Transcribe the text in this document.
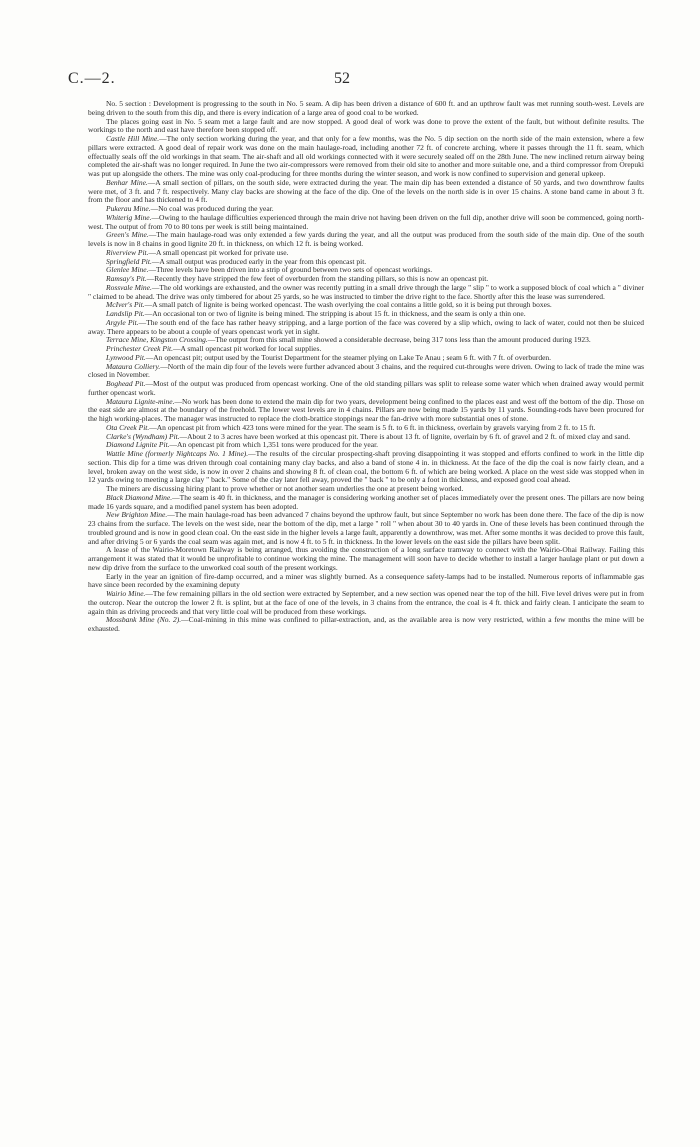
C.—2.	52

No. 5 section : Development is progressing to the south in No. 5 seam. A dip has been driven a distance of 600 ft. and an upthrow fault was met running south-west. Levels are being driven to the south from this dip, and there is every indication of a large area of good coal to be worked.

The places going east in No. 5 seam met a large fault and are now stopped. A good deal of work was done to prove the extent of the fault, but without definite results. The workings to the north and east have therefore been stopped off.

Castle Hill Mine.—The only section working during the year, and that only for a few months, was the No. 5 dip section on the north side of the main extension, where a few pillars were extracted. A good deal of repair work was done on the main haulage-road, including another 72 ft. of concrete arching, where it passes through the 11 ft. seam, which effectually seals off the old workings in that seam. The air-shaft and all old workings connected with it were securely sealed off on the 28th June. The new inclined return airway being completed the air-shaft was no longer required. In June the two air-compressors were removed from their old site to another and more suitable one, and a third compressor from Orepuki was put up alongside the others. The mine was only coal-producing for three months during the winter season, and work is now confined to supervision and general upkeep.

Benhar Mine.—A small section of pillars, on the south side, were extracted during the year. The main dip has been extended a distance of 50 yards, and two downthrow faults were met, of 3 ft. and 7 ft. respectively. Many clay backs are showing at the face of the dip. One of the levels on the north side is in over 15 chains. A stone band came in about 3 ft. from the floor and has thickened to 4 ft.

Pukerau Mine.—No coal was produced during the year.

Whiterig Mine.—Owing to the haulage difficulties experienced through the main drive not having been driven on the full dip, another drive will soon be commenced, going north-west. The output of from 70 to 80 tons per week is still being maintained.

Green's Mine.—The main haulage-road was only extended a few yards during the year, and all the output was produced from the south side of the main dip. One of the south levels is now in 8 chains in good lignite 20 ft. in thickness, on which 12 ft. is being worked.

Riverview Pit.—A small opencast pit worked for private use.

Springfield Pit.—A small output was produced early in the year from this opencast pit.

Glenlee Mine.—Three levels have been driven into a strip of ground between two sets of opencast workings.

Ramsay's Pit.—Recently they have stripped the few feet of overburden from the standing pillars, so this is now an opencast pit.

Rossvale Mine.—The old workings are exhausted, and the owner was recently putting in a small drive through the large " slip " to work a supposed block of coal which a " diviner " claimed to be ahead. The drive was only timbered for about 25 yards, so he was instructed to timber the drive right to the face. Shortly after this the lease was surrendered.

McIver's Pit.—A small patch of lignite is being worked opencast. The wash overlying the coal contains a little gold, so it is being put through boxes.

Landslip Pit.—An occasional ton or two of lignite is being mined. The stripping is about 15 ft. in thickness, and the seam is only a thin one.

Argyle Pit.—The south end of the face has rather heavy stripping, and a large portion of the face was covered by a slip which, owing to lack of water, could not then be sluiced away. There appears to be about a couple of years opencast work yet in sight.

Terrace Mine, Kingston Crossing.—The output from this small mine showed a considerable decrease, being 317 tons less than the amount produced during 1923.

Princhester Creek Pit.—A small opencast pit worked for local supplies.

Lynwood Pit.—An opencast pit; output used by the Tourist Department for the steamer plying on Lake Te Anau ; seam 6 ft. with 7 ft. of overburden.

Mataura Colliery.—North of the main dip four of the levels were further advanced about 3 chains, and the required cut-throughs were driven. Owing to lack of trade the mine was closed in November.

Boghead Pit.—Most of the output was produced from opencast working. One of the old standing pillars was split to release some water which when drained away would permit further opencast work.

Mataura Lignite-mine.—No work has been done to extend the main dip for two years, development being confined to the places east and west off the bottom of the dip. Those on the east side are almost at the boundary of the freehold. The lower west levels are in 4 chains. Pillars are now being made 15 yards by 11 yards. Sounding-rods have been procured for the high working-places. The manager was instructed to replace the cloth-brattice stoppings near the fan-drive with more substantial ones of stone.

Ota Creek Pit.—An opencast pit from which 423 tons were mined for the year. The seam is 5 ft. to 6 ft. in thickness, overlain by gravels varying from 2 ft. to 15 ft.

Clarke's (Wyndham) Pit.—About 2 to 3 acres have been worked at this opencast pit. There is about 13 ft. of lignite, overlain by 6 ft. of gravel and 2 ft. of mixed clay and sand.

Diamond Lignite Pit.—An opencast pit from which 1,351 tons were produced for the year.

Wattle Mine (formerly Nightcaps No. 1 Mine).—The results of the circular prospecting-shaft proving disappointing it was stopped and efforts confined to work in the little dip section. This dip for a time was driven through coal containing many clay backs, and also a band of stone 4 in. in thickness. At the face of the dip the coal is now fairly clean, and a level, broken away on the west side, is now in over 2 chains and showing 8 ft. of clean coal, the bottom 6 ft. of which are being worked. A place on the west side was stopped when in 12 yards owing to meeting a large clay " back." Some of the clay later fell away, proved the " back " to be only a foot in thickness, and exposed good coal ahead.

The miners are discussing hiring plant to prove whether or not another seam underlies the one at present being worked.

Black Diamond Mine.—The seam is 40 ft. in thickness, and the manager is considering working another set of places immediately over the present ones. The pillars are now being made 16 yards square, and a modified panel system has been adopted.

New Brighton Mine.—The main haulage-road has been advanced 7 chains beyond the upthrow fault, but since September no work has been done there. The face of the dip is now 23 chains from the surface. The levels on the west side, near the bottom of the dip, met a large " roll " when about 30 to 40 yards in. One of these levels has been continued through the troubled ground and is now in good clean coal. On the east side in the higher levels a large fault, apparently a downthrow, was met. After some months it was decided to prove this fault, and after driving 5 or 6 yards the coal seam was again met, and is now 4 ft. to 5 ft. in thickness. In the lower levels on the east side the pillars have been split.

A lease of the Wairio-Moretown Railway is being arranged, thus avoiding the construction of a long surface tramway to connect with the Wairio-Ohai Railway. Failing this arrangement it was stated that it would be unprofitable to continue working the mine. The management will soon have to decide whether to install a larger haulage plant or put down a new dip drive from the surface to the unworked coal south of the present workings.

Early in the year an ignition of fire-damp occurred, and a miner was slightly burned. As a consequence safety-lamps had to be installed. Numerous reports of inflammable gas have since been recorded by the examining deputy

Wairio Mine.—The few remaining pillars in the old section were extracted by September, and a new section was opened near the top of the hill. Five level drives were put in from the outcrop. Near the outcrop the lower 2 ft. is splint, but at the face of one of the levels, in 3 chains from the entrance, the coal is 4 ft. thick and fairly clean. I anticipate the seam to again thin as driving proceeds and that very little coal will be produced from these workings.

Mossbank Mine (No. 2).—Coal-mining in this mine was confined to pillar-extraction, and, as the available area is now very restricted, within a few months the mine will be exhausted.
